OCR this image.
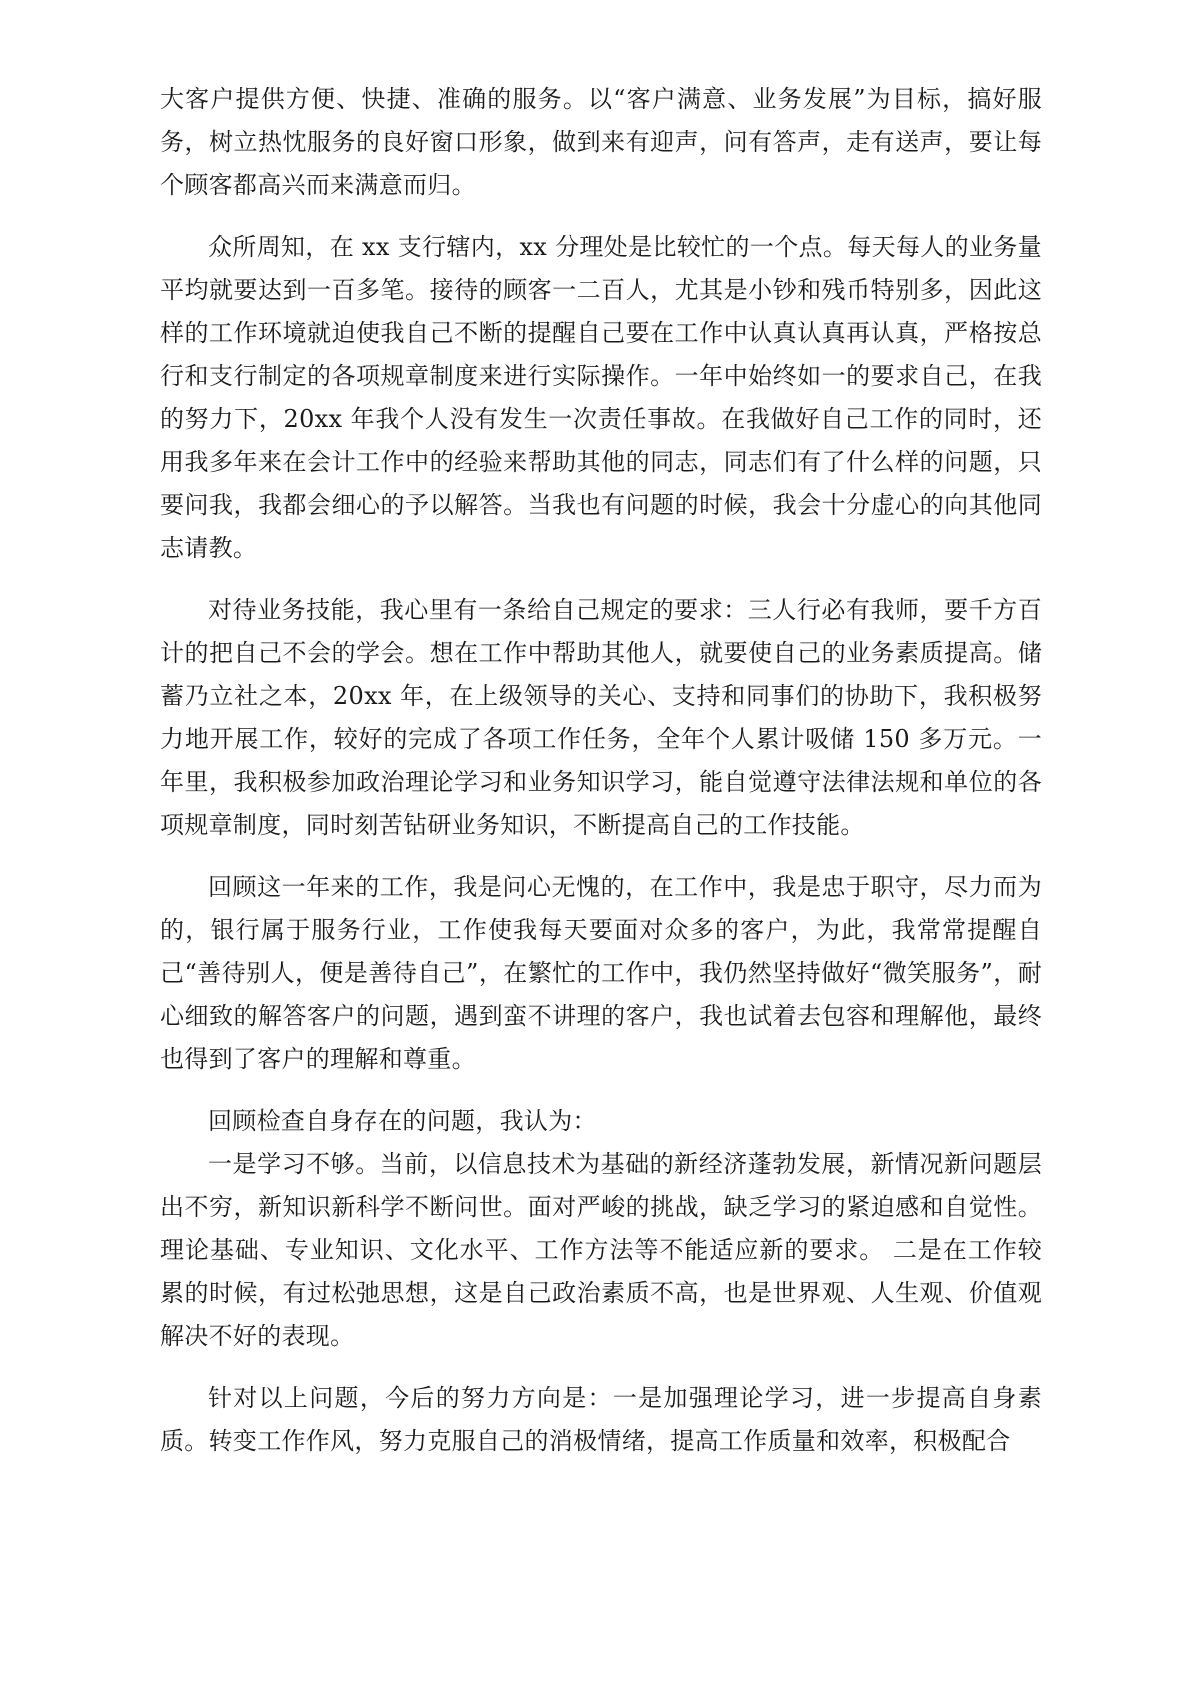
大客户提供方便、快捷、准确的服务。以“客户满意、业务发展”为目标，搞好服务，树立热忱服务的良好窗口形象，做到来有迎声，问有答声，走有送声，要让每个顾客都高兴而来满意而归。

众所周知，在 xx 支行辖内，xx 分理处是比较忙的一个点。每天每人的业务量平均就要达到一百多笔。接待的顾客一二百人，尤其是小钞和残币特别多，因此这样的工作环境就迫使我自己不断的提醒自己要在工作中认真认真再认真，严格按总行和支行制定的各项规章制度来进行实际操作。一年中始终如一的要求自己，在我的努力下，20xx 年我个人没有发生一次责任事故。在我做好自己工作的同时，还用我多年来在会计工作中的经验来帮助其他的同志，同志们有了什么样的问题，只要问我，我都会细心的予以解答。当我也有问题的时候，我会十分虚心的向其他同志请教。

对待业务技能，我心里有一条给自己规定的要求：三人行必有我师，要千方百计的把自己不会的学会。想在工作中帮助其他人，就要使自己的业务素质提高。储蓄乃立社之本，20xx 年，在上级领导的关心、支持和同事们的协助下，我积极努力地开展工作，较好的完成了各项工作任务，全年个人累计吸储 150 多万元。一年里，我积极参加政治理论学习和业务知识学习，能自觉遵守法律法规和单位的各项规章制度，同时刻苦钻研业务知识，不断提高自己的工作技能。

回顾这一年来的工作，我是问心无愧的，在工作中，我是忠于职守，尽力而为的，银行属于服务行业，工作使我每天要面对众多的客户，为此，我常常提醒自己“善待别人，便是善待自己”，在繁忙的工作中，我仍然坚持做好“微笑服务”，耐心细致的解答客户的问题，遇到蛮不讲理的客户，我也试着去包容和理解他，最终也得到了客户的理解和尊重。

回顾检查自身存在的问题，我认为：

一是学习不够。当前，以信息技术为基础的新经济蓬勃发展，新情况新问题层出不穷，新知识新科学不断问世。面对严峻的挑战，缺乏学习的紧迫感和自觉性。理论基础、专业知识、文化水平、工作方法等不能适应新的要求。 二是在工作较累的时候，有过松弛思想，这是自己政治素质不高，也是世界观、人生观、价值观解决不好的表现。

针对以上问题，今后的努力方向是：一是加强理论学习，进一步提高自身素质。转变工作作风，努力克服自己的消极情绪，提高工作质量和效率，积极配合
